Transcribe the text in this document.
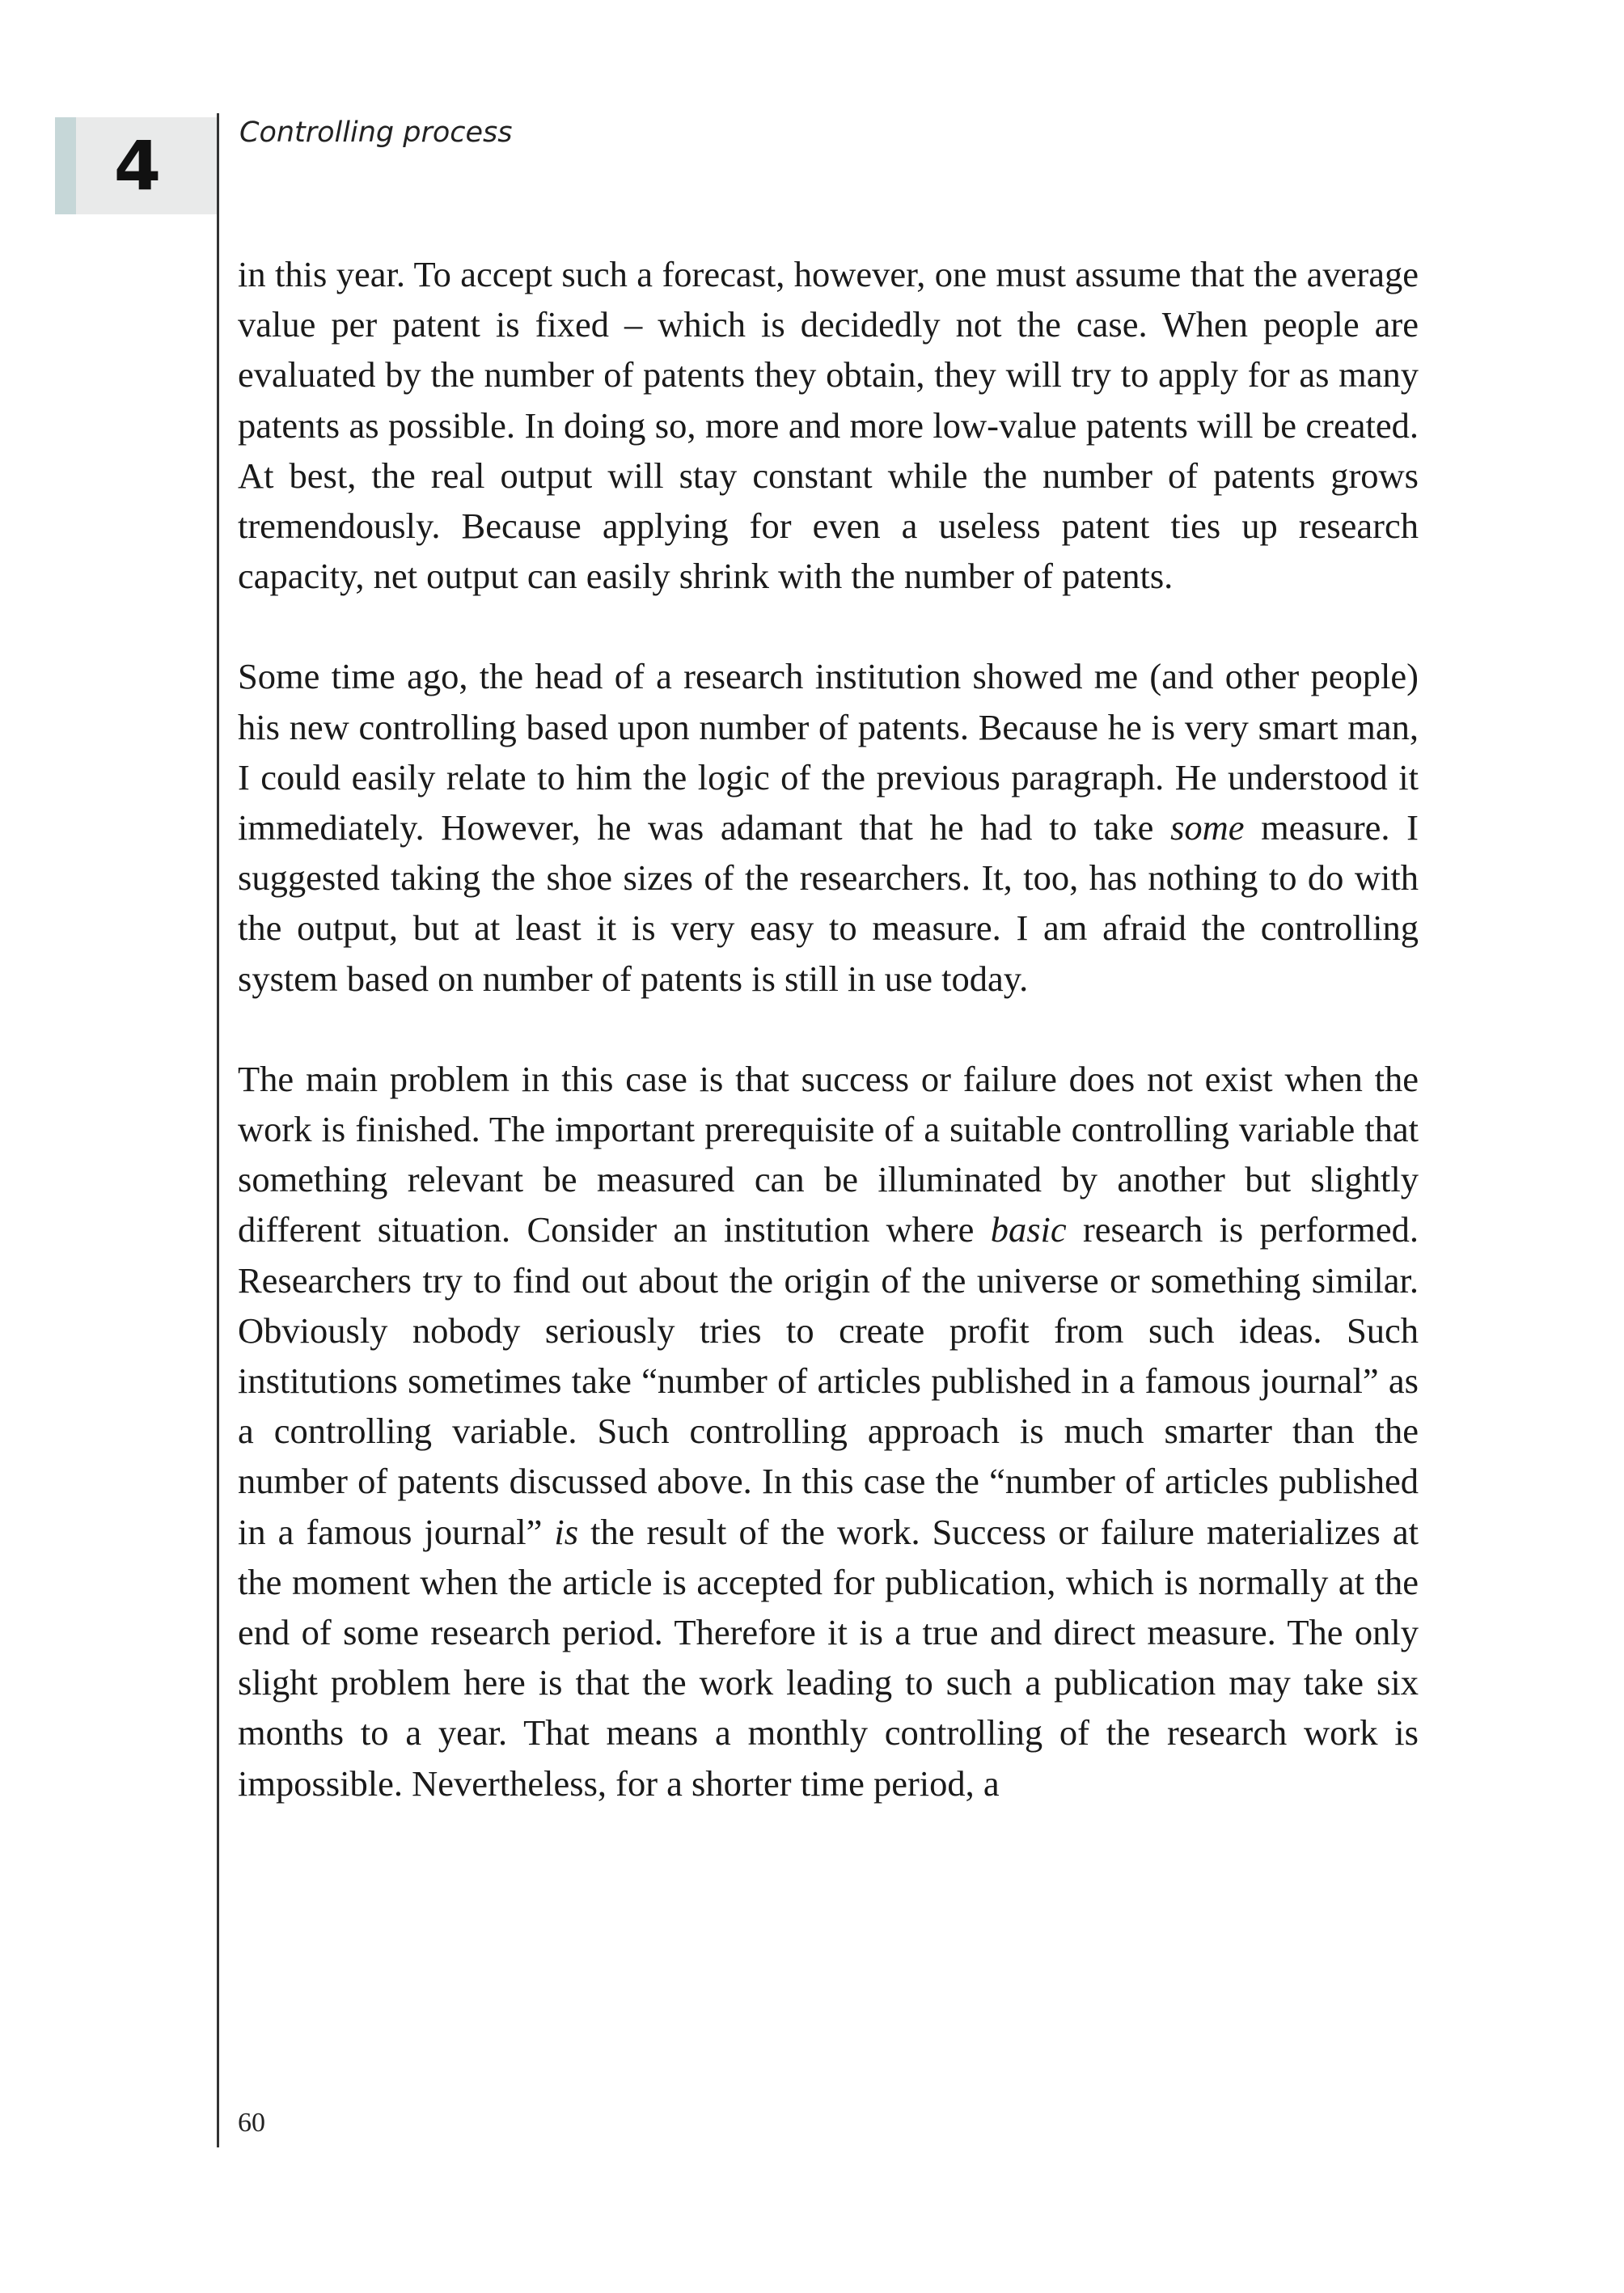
4	Controlling process

in this year. To accept such a forecast, however, one must assume that the average value per patent is fixed – which is decidedly not the case. When people are evaluated by the number of patents they obtain, they will try to apply for as many patents as possible. In doing so, more and more low-value patents will be created. At best, the real output will stay constant while the number of patents grows tremendously. Because applying for even a useless patent ties up research capacity, net output can easily shrink with the number of patents.

Some time ago, the head of a research institution showed me (and other people) his new controlling based upon number of patents. Because he is very smart man, I could easily relate to him the logic of the previous paragraph. He understood it immediately. However, he was adamant that he had to take some measure. I suggested taking the shoe sizes of the researchers. It, too, has nothing to do with the output, but at least it is very easy to measure. I am afraid the controlling system based on number of patents is still in use today.

The main problem in this case is that success or failure does not exist when the work is finished. The important prerequisite of a suitable controlling variable that something relevant be measured can be illuminated by another but slightly different situation. Consider an institution where basic research is performed. Researchers try to find out about the origin of the universe or something similar. Obviously nobody seriously tries to create profit from such ideas. Such institutions sometimes take “number of articles published in a famous journal” as a controlling variable. Such controlling approach is much smarter than the number of patents discussed above. In this case the “number of articles published in a famous journal” is the result of the work. Success or failure materializes at the moment when the article is accepted for publication, which is normally at the end of some research period. Therefore it is a true and direct measure. The only slight problem here is that the work leading to such a publication may take six months to a year. That means a monthly controlling of the research work is impossible. Nevertheless, for a shorter time period, a

60
